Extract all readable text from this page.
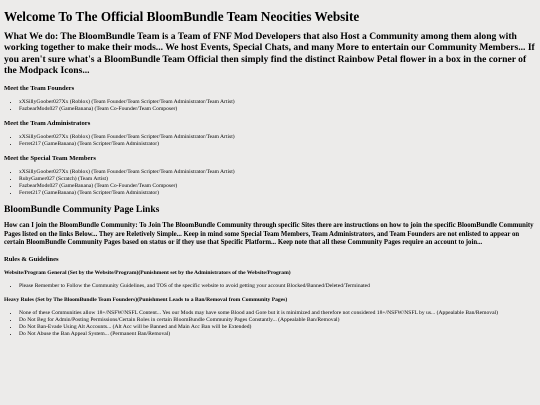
Welcome To The Official BloomBundle Team Neocities Website
What We do: The BloomBundle Team is a Team of FNF Mod Developers that also Host a Community among them along with working together to make their mods... We host Events, Special Chats, and many More to entertain our Community Members... If you aren't sure what's a BloomBundle Team Official then simply find the distinct Rainbow Petal flower in a box in the corner of the Modpack Icons...
Meet the Team Founders
• xXSillyGoober027Xx (Roblox) (Team Founder/Team Scripter/Team Administrator/Team Artist)
• FazbearMods027 (GameBanana) (Team Co-Founder/Team Composer)
Meet the Team Administrators
• xXSillyGoober027Xx (Roblox) (Team Founder/Team Scripter/Team Administrator/Team Artist)
• Ferret217 (GameBanana) (Team Scripter/Team Administrator)
Meet the Special Team Members
• xXSillyGoober027Xx (Roblox) (Team Founder/Team Scripter/Team Administrator/Team Artist)
• RubyGamer027 (Scratch) (Team Artist)
• FazbearMods027 (GameBanana) (Team Co-Founder/Team Composer)
• Ferret217 (GameBanana) (Team Scripter/Team Administrator)
BloomBundle Community Page Links
How can I join the BloomBundle Community: To Join The BloomBundle Community through specific Sites there are instructions on how to join the specific BloomBundle Community Pages listed on the links Below... They are Reletively Simple... Keep in mind some Special Team Members, Team Administrators, and Team Founders are not enlisted to appear on certain BloomBundle Community Pages based on status or if they use that Specific Platform... Keep note that all these Community Pages require an account to join...
Rules & Guidelines
Website/Program General (Set by the Website/Program)(Punishment set by the Administrators of the Website/Program)
• Please Remember to Follow the Community Guidelines, and TOS of the specific website to avoid getting your account Blocked/Banned/Deleted/Terminated
Heavy Rules (Set by The BloomBundle Team Founders)(Punishment Leads to a Ban/Removal from Community Pages)
• None of these Communities allow 18+/NSFW/NSFL Content... Yes our Mods may have some Blood and Gore but it is minimized and therefore not considered 18+/NSFW/NSFL by us... (Appealable Ban/Removal)
• Do Not Beg for Admin/Posting Permissions/Certain Roles in certain BloomBundle Community Pages Constantly... (Appealable Ban/Removal)
• Do Not Ban-Evade Using Alt Accounts... (Alt Acc will be Banned and Main Acc Ban will be Extended)
• Do Not Abuse the Ban Appeal System... (Permanent Ban/Removal)
